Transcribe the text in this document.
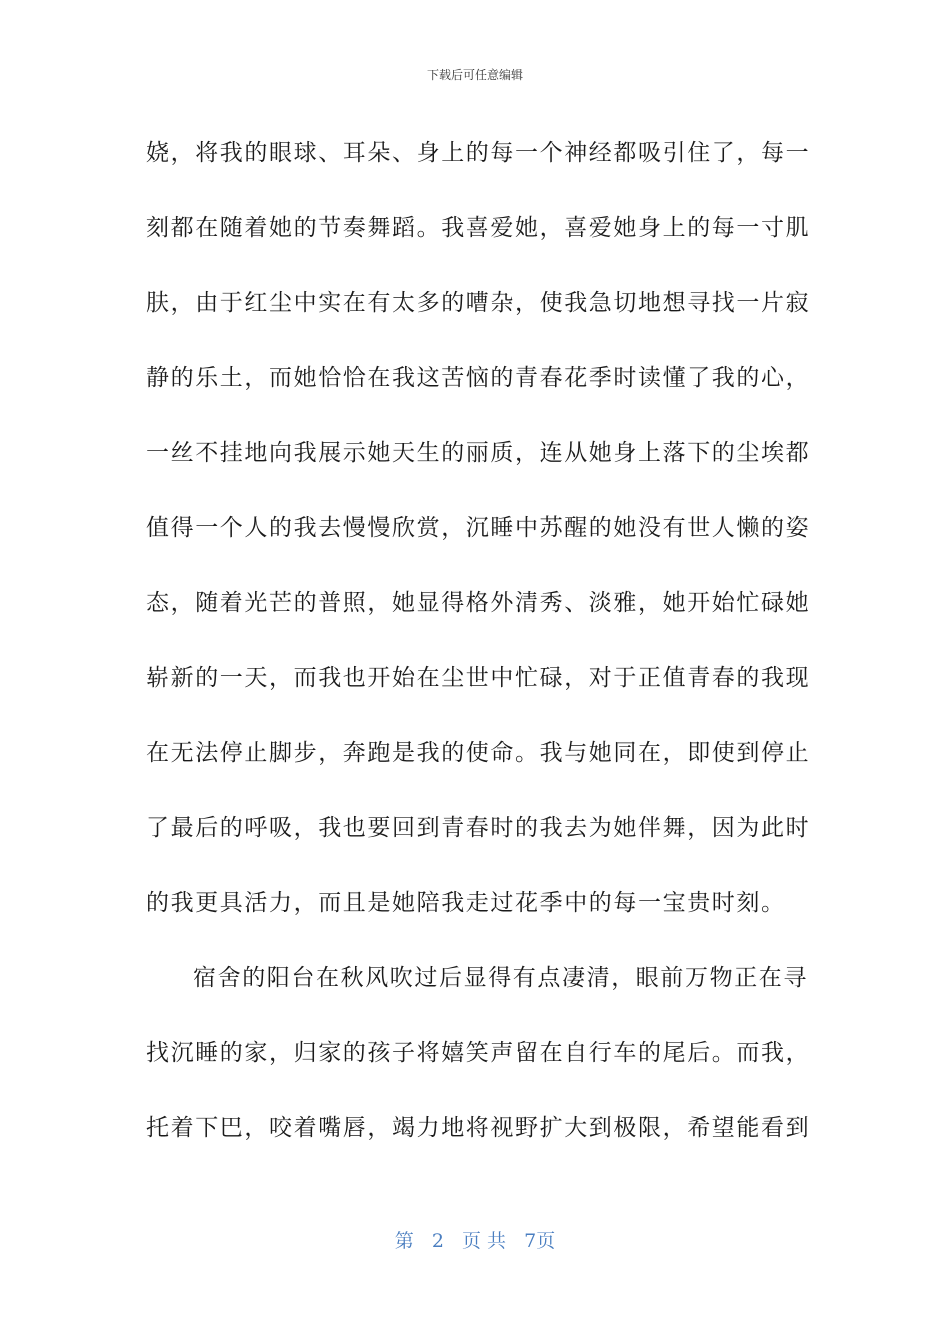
下载后可任意编辑
娆，将我的眼球、耳朵、身上的每一个神经都吸引住了，每一
刻都在随着她的节奏舞蹈。我喜爱她，喜爱她身上的每一寸肌
肤，由于红尘中实在有太多的嘈杂，使我急切地想寻找一片寂
静的乐土，而她恰恰在我这苦恼的青春花季时读懂了我的心，
一丝不挂地向我展示她天生的丽质，连从她身上落下的尘埃都
值得一个人的我去慢慢欣赏，沉睡中苏醒的她没有世人懒的姿
态，随着光芒的普照，她显得格外清秀、淡雅，她开始忙碌她
崭新的一天，而我也开始在尘世中忙碌，对于正值青春的我现
在无法停止脚步，奔跑是我的使命。我与她同在，即使到停止
了最后的呼吸，我也要回到青春时的我去为她伴舞，因为此时
的我更具活力，而且是她陪我走过花季中的每一宝贵时刻。
宿舍的阳台在秋风吹过后显得有点凄清，眼前万物正在寻
找沉睡的家，归家的孩子将嬉笑声留在自行车的尾后。而我，
托着下巴，咬着嘴唇，竭力地将视野扩大到极限，希望能看到
第 2 页 共 7页
